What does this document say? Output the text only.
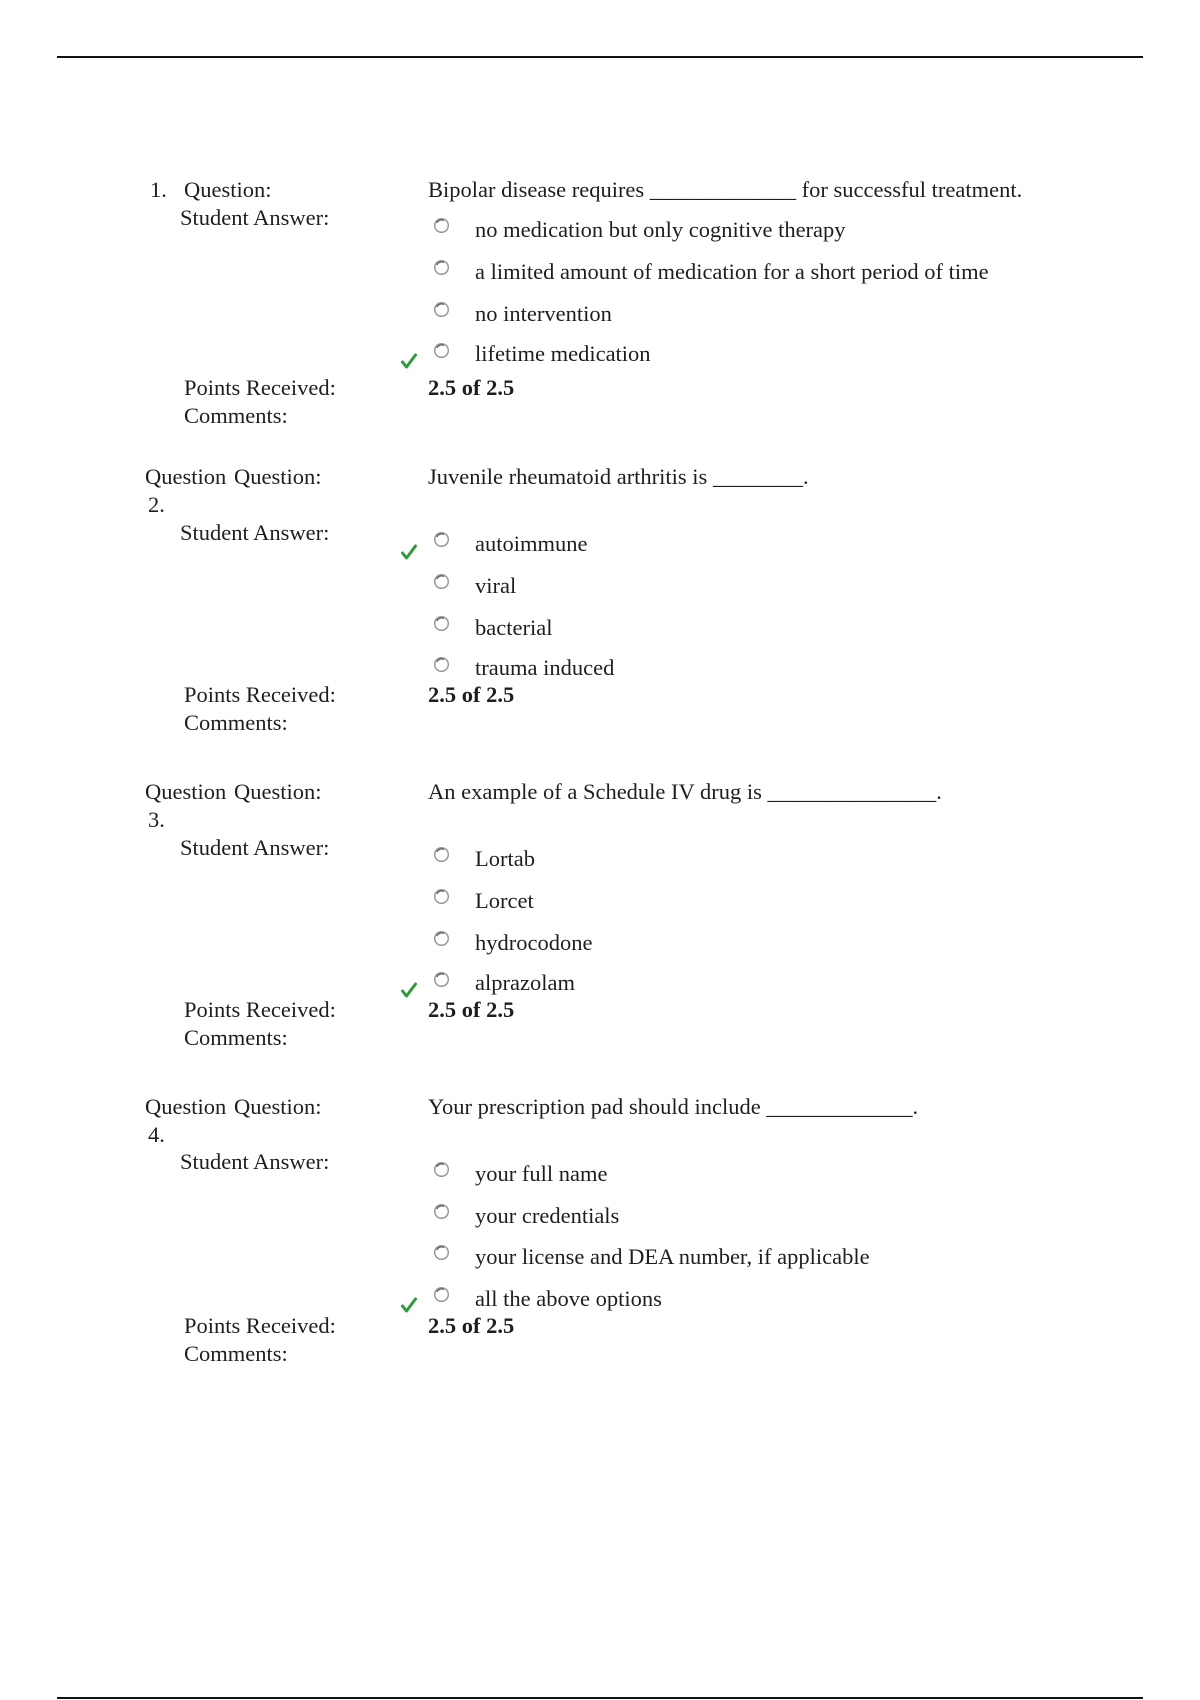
1. Question:	Bipolar disease requires _____________ for successful treatment.
Student Answer:	no medication but only cognitive therapy
a limited amount of medication for a short period of time
no intervention
lifetime medication
Points Received:	2.5 of 2.5
Comments:
Question Question:	Juvenile rheumatoid arthritis is ________.
2.
Student Answer:	autoimmune
viral
bacterial
trauma induced
Points Received:	2.5 of 2.5
Comments:
Question Question:	An example of a Schedule IV drug is _______________.
3.
Student Answer:	Lortab
Lorcet
hydrocodone
alprazolam
Points Received:	2.5 of 2.5
Comments:
Question Question:	Your prescription pad should include _____________.
4.
Student Answer:	your full name
your credentials
your license and DEA number, if applicable
all the above options
Points Received:	2.5 of 2.5
Comments:
